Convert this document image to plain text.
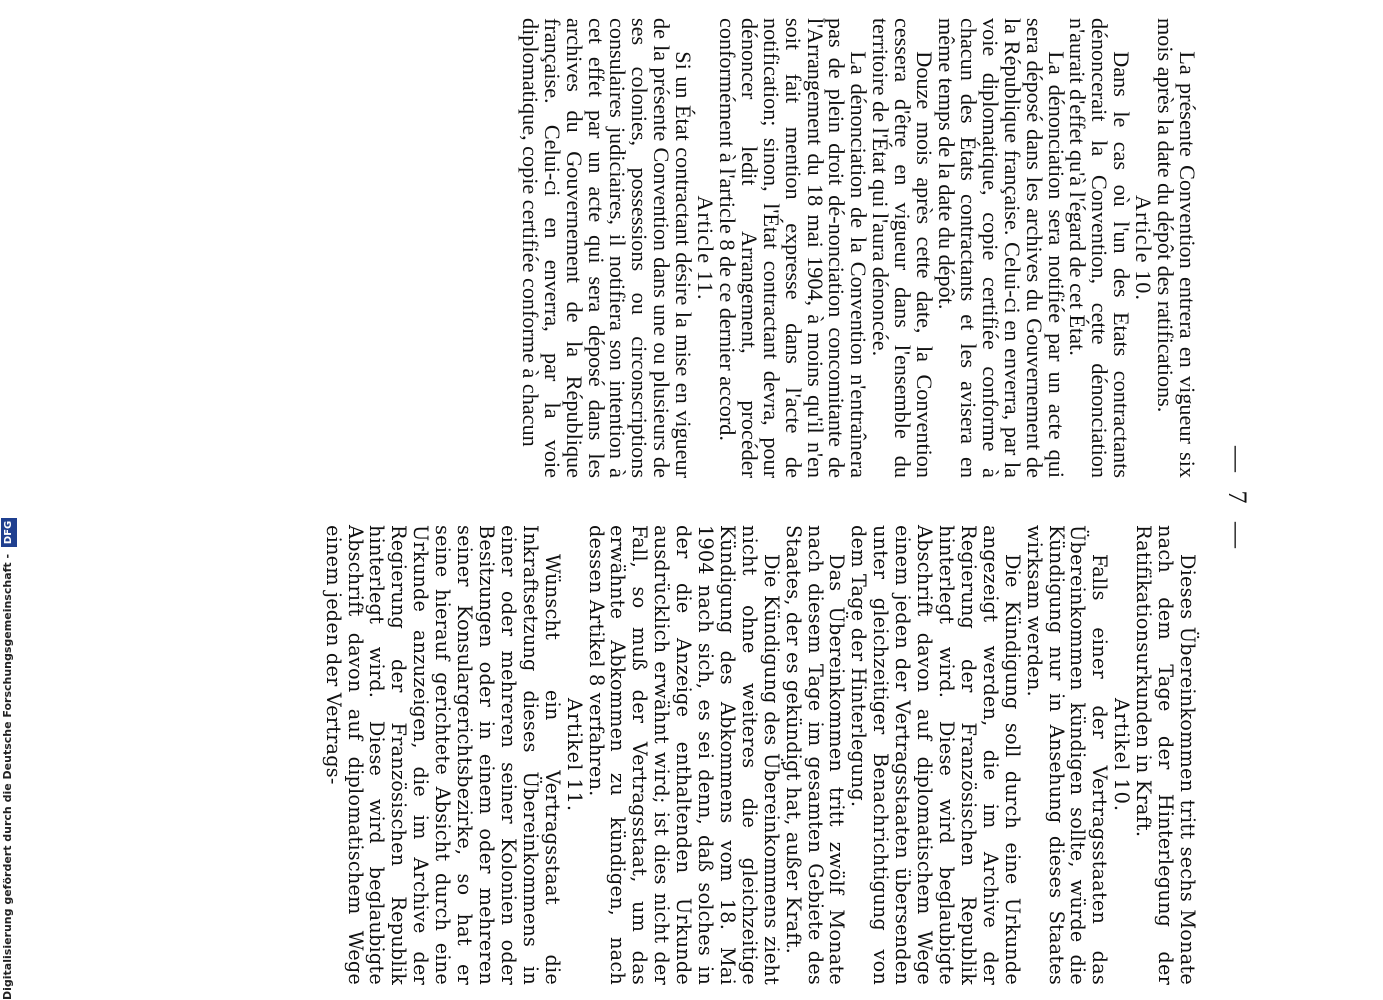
Digitalisierung gefördert durch die Deutsche Forschungsgemeinschaft - DFG	— 7 —

La présente Convention entrera en vigueur six mois après la date du dépôt des ratifications.

Article 10.

Dans le cas où l'un des Etats contractants dénoncerait la Convention, cette dénonciation n'aurait d'effet qu'à l'égard de cet État.

La dénonciation sera notifiée par un acte qui sera déposé dans les archives du Gouvernement de la République française. Celui-ci en enverra, par la voie diplomatique, copie certifiée conforme à chacun des États contractants et les avisera en même temps de la date du dépôt.

Douze mois après cette date, la Convention cessera d'être en vigueur dans l'ensemble du territoire de l'État qui l'aura dénoncée.

La dénonciation de la Convention n'entraînera pas de plein droit dé-nonciation concomitante de l'Arrangement du 18 mai 1904, à moins qu'il n'en soit fait mention expresse dans l'acte de notification; sinon, l'État contractant devra, pour dénoncer ledit Arrangement, procéder conformément à l'article 8 de ce dernier accord.

Article 11.

Si un État contractant désire la mise en vigueur de la présente Convention dans une ou plusieurs de ses colonies, possessions ou circonscriptions consulaires judiciaires, il notifiera son intention à cet effet par un acte qui sera déposé dans les archives du Gouvernement de la République française. Celui-ci en enverra, par la voie diplomatique, copie certifiée conforme à chacun

Dieses Übereinkommen tritt sechs Monate nach dem Tage der Hinterlegung der Ratifikationsurkunden in Kraft.

Artikel 10.

Falls einer der Vertragsstaaten das Übereinkommen kündigen sollte, würde die Kündigung nur in Ansehung dieses Staates wirksam werden.

Die Kündigung soll durch eine Urkunde angezeigt werden, die im Archive der Regierung der Französischen Republik hinterlegt wird. Diese wird beglaubigte Abschrift davon auf diplomatischem Wege einem jeden der Vertragsstaaten übersenden unter gleichzeitiger Benachrichtigung von dem Tage der Hinterlegung.

Das Übereinkommen tritt zwölf Monate nach diesem Tage im gesamten Gebiete des Staates, der es gekündigt hat, außer Kraft.

Die Kündigung des Übereinkommens zieht nicht ohne weiteres die gleichzeitige Kündigung des Abkommens vom 18. Mai 1904 nach sich, es sei denn, daß solches in der die Anzeige enthaltenden Urkunde ausdrücklich erwähnt wird; ist dies nicht der Fall, so muß der Vertragsstaat, um das erwähnte Abkommen zu kündigen, nach dessen Artikel 8 verfahren.

Artikel 11.

Wünscht ein Vertragsstaat die Inkraftsetzung dieses Übereinkommens in einer oder mehreren seiner Kolonien oder Besitzungen oder in einem oder mehreren seiner Konsulargerichtsbezirke, so hat er seine hierauf gerichtete Absicht durch eine Urkunde anzuzeigen, die im Archive der Regierung der Französischen Republik hinterlegt wird. Diese wird beglaubigte Abschrift davon auf diplomatischem Wege einem jeden der Vertrags-
